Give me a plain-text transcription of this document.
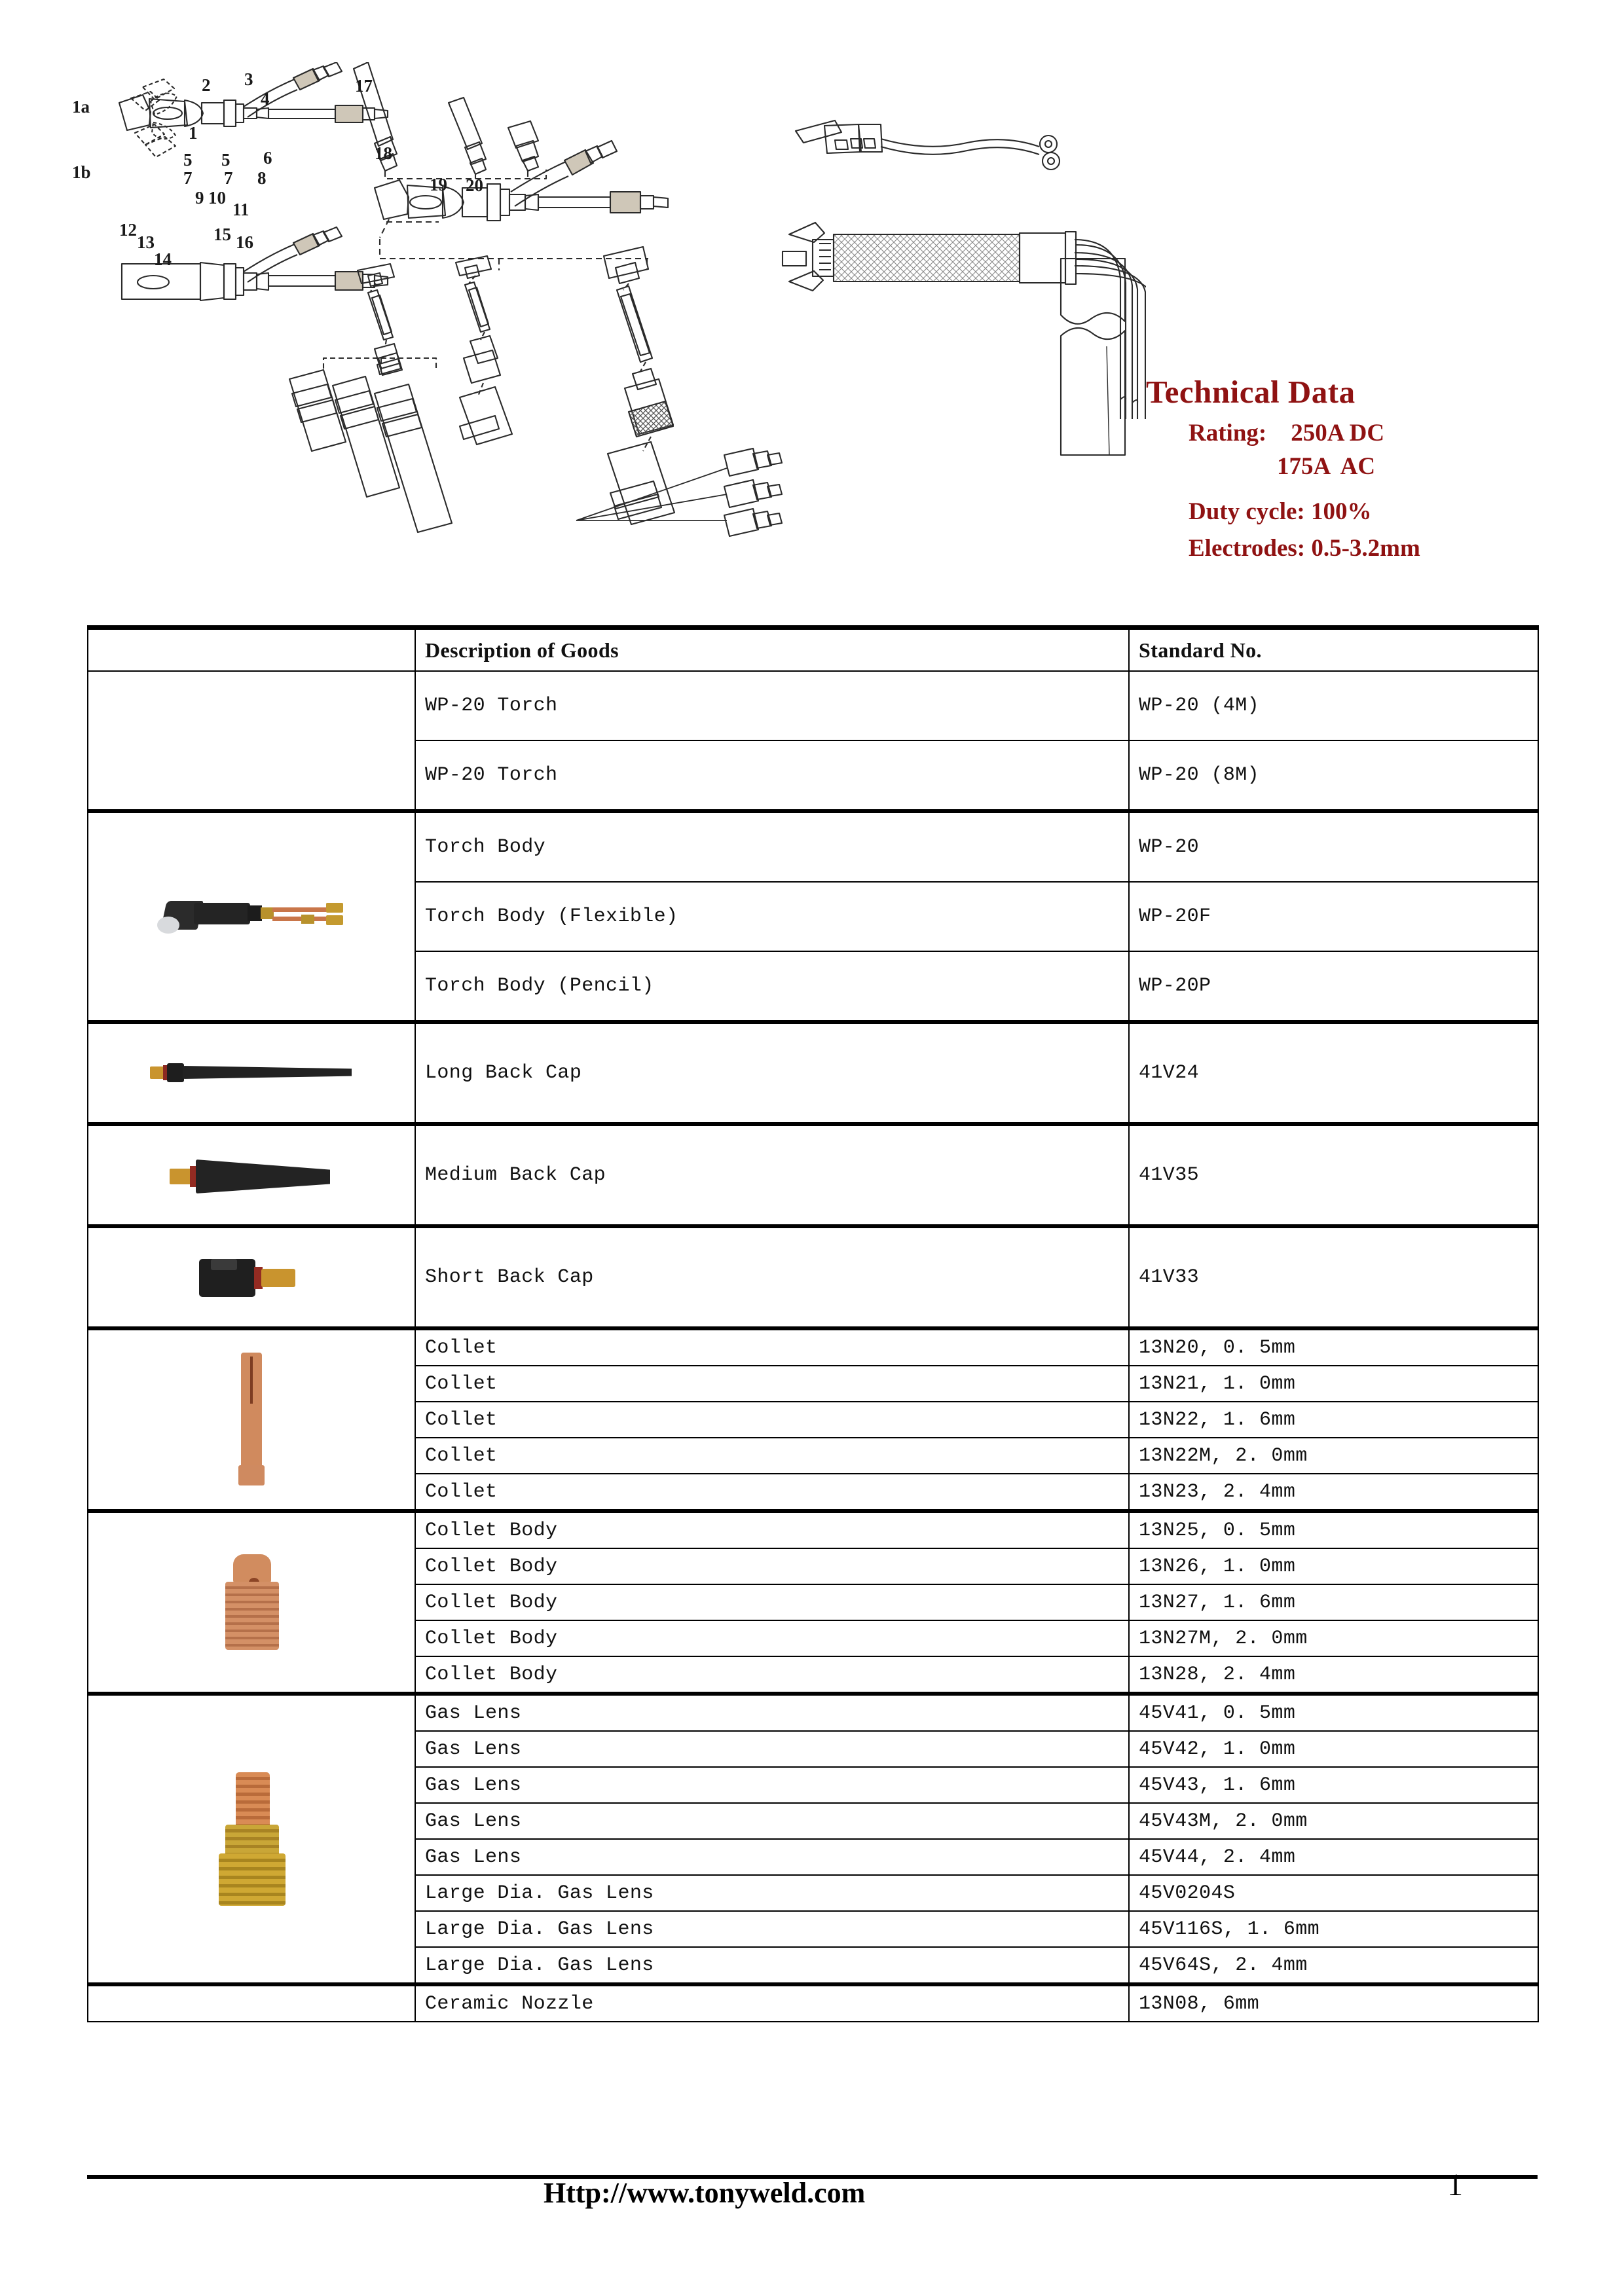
1a
1b
2 3
4
1
5
7
9
5
7
10
6
8
11
12
13
14
15 16
17
18
19 20
Technical Data
Rating: 250A DC
175A  AC
Duty cycle: 100%
Electrodes: 0.5-3.2mm
	Description of Goods	Standard No.
	WP-20 Torch	WP-20 (4M)
	WP-20 Torch	WP-20 (8M)

	Torch Body	WP-20
	Torch Body (Flexible)	WP-20F
	Torch Body (Pencil)	WP-20P

	Long Back Cap	41V24

	Medium Back Cap	41V35

	Short Back Cap	41V33

	Collet	13N20, 0. 5mm
	Collet	13N21, 1. 0mm
	Collet	13N22, 1. 6mm
	Collet	13N22M, 2. 0mm
	Collet	13N23, 2. 4mm

	Collet Body	13N25, 0. 5mm
	Collet Body	13N26, 1. 0mm
	Collet Body	13N27, 1. 6mm
	Collet Body	13N27M, 2. 0mm
	Collet Body	13N28, 2. 4mm

	Gas Lens	45V41, 0. 5mm
	Gas Lens	45V42, 1. 0mm
	Gas Lens	45V43, 1. 6mm
	Gas Lens	45V43M, 2. 0mm
	Gas Lens	45V44, 2. 4mm
	Large Dia. Gas Lens	45V0204S
	Large Dia. Gas Lens	45V116S, 1. 6mm
	Large Dia. Gas Lens	45V64S, 2. 4mm
	Ceramic Nozzle	13N08, 6mm
Http://www.tonyweld.com	1
